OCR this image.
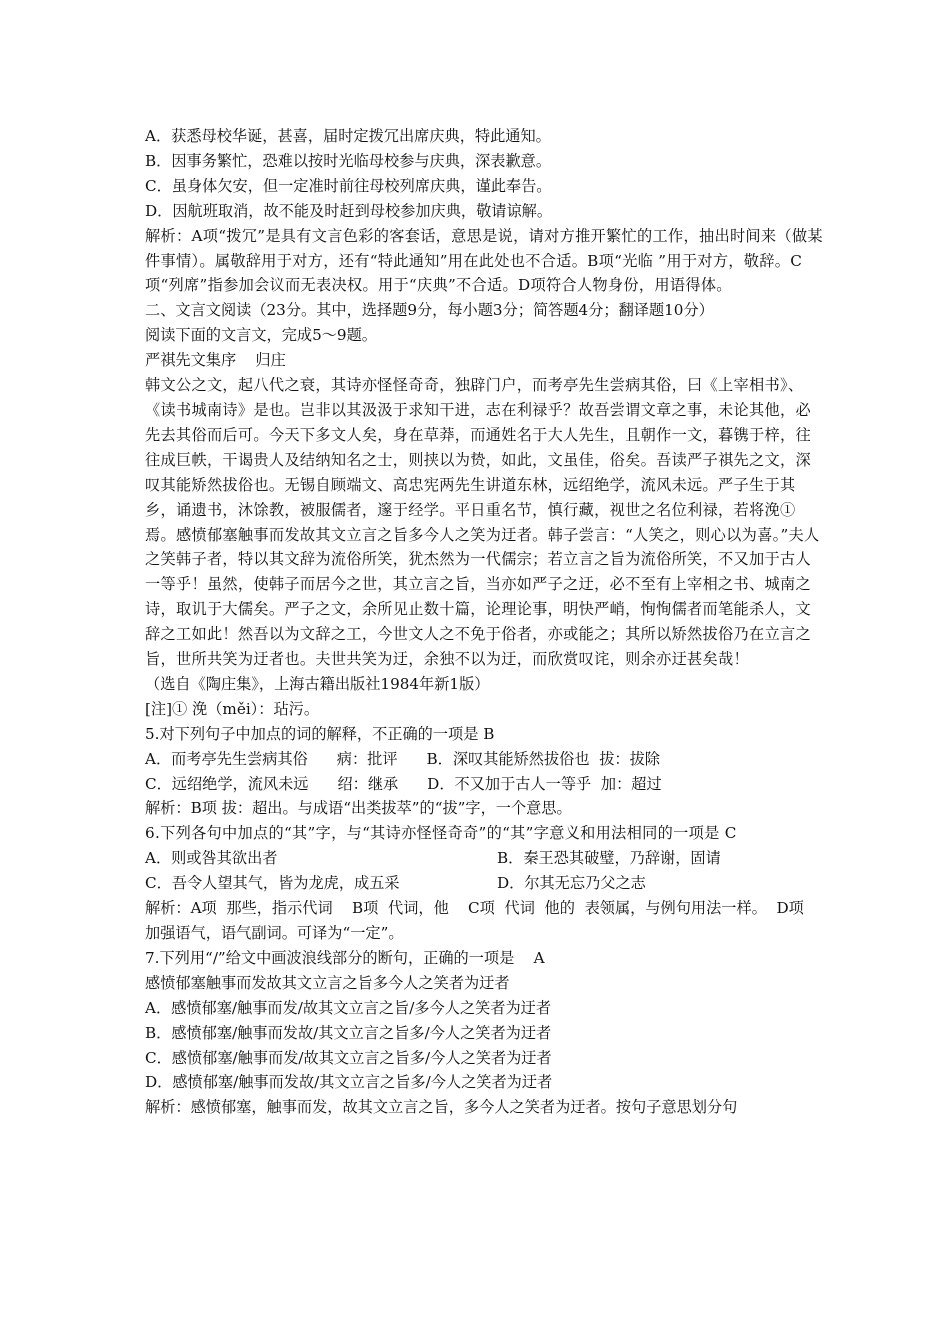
A．获悉母校华诞，甚喜，届时定拨冗出席庆典，特此通知。

B．因事务繁忙，恐难以按时光临母校参与庆典，深表歉意。

C．虽身体欠安，但一定准时前往母校列席庆典，谨此奉告。

D．因航班取消，故不能及时赶到母校参加庆典，敬请谅解。

解析：A项“拨冗”是具有文言色彩的客套话，意思是说，请对方推开繁忙的工作，抽出时间来（做某件事情）。属敬辞用于对方，还有“特此通知”用在此处也不合适。B项“光临 ”用于对方，敬辞。C项“列席”指参加会议而无表决权。用于“庆典”不合适。D项符合人物身份，用语得体。

二、文言文阅读（23分。其中，选择题9分，每小题3分；简答题4分；翻译题10分）

阅读下面的文言文，完成5～9题。

严祺先文集序    归庄

韩文公之文，起八代之衰，其诗亦怪怪奇奇，独辟门户，而考亭先生尝病其俗，曰《上宰相书》、《读书城南诗》是也。岂非以其汲汲于求知干进，志在利禄乎？故吾尝谓文章之事，未论其他，必先去其俗而后可。今天下多文人矣，身在草莽，而通姓名于大人先生，且朝作一文，暮镌于梓，往往成巨帙，干谒贵人及结纳知名之士，则挟以为贽，如此，文虽佳，俗矣。吾读严子祺先之文，深叹其能矫然拔俗也。无锡自顾端文、高忠宪两先生讲道东林，远绍绝学，流风未远。严子生于其乡，诵遗书，沐馀教，被服儒者，邃于经学。平日重名节，慎行藏，视世之名位利禄，若将浼①焉。感愤郁塞触事而发故其文立言之旨多今人之笑为迂者。韩子尝言：“人笑之，则心以为喜。”夫人之笑韩子者，特以其文辞为流俗所笑，犹杰然为一代儒宗；若立言之旨为流俗所笑，不又加于古人一等乎！虽然，使韩子而居今之世，其立言之旨，当亦如严子之迂，必不至有上宰相之书、城南之诗，取讥于大儒矣。严子之文，余所见止数十篇，论理论事，明快严峭，恂恂儒者而笔能杀人，文辞之工如此！然吾以为文辞之工，今世文人之不免于俗者，亦或能之；其所以矫然拔俗乃在立言之旨，世所共笑为迂者也。夫世共笑为迂，余独不以为迂，而欣赏叹诧，则余亦迂甚矣哉！

（选自《陶庄集》，上海古籍出版社1984年新1版）

[注]① 浼（měi）：玷污。

5.对下列句子中加点的词的解释，不正确的一项是 B

A．而考亭先生尝病其俗      病：批评      B．深叹其能矫然拔俗也  拔：拔除

C．远绍绝学，流风未远      绍：继承      D．不又加于古人一等乎  加：超过

解析：B项 拔：超出。与成语“出类拔萃”的“拔”字，一个意思。

6.下列各句中加点的“其”字，与“其诗亦怪怪奇奇”的“其”字意义和用法相同的一项是 C

A．则或咎其欲出者	B．秦王恐其破璧，乃辞谢，固请
C．吾令人望其气，皆为龙虎，成五采	D．尔其无忘乃父之志

解析：A项  那些，指示代词    B项  代词，他    C项  代词  他的  表领属，与例句用法一样。  D项  加强语气，语气副词。可译为“一定”。

7.下列用“/”给文中画波浪线部分的断句，正确的一项是    A

感愤郁塞触事而发故其文立言之旨多今人之笑者为迂者

A．感愤郁塞/触事而发/故其文立言之旨/多今人之笑者为迂者

B．感愤郁塞/触事而发故/其文立言之旨多/今人之笑者为迂者

C．感愤郁塞/触事而发/故其文立言之旨多/今人之笑者为迂者

D．感愤郁塞/触事而发故/其文立言之旨多/今人之笑者为迂者

解析：感愤郁塞，触事而发，故其文立言之旨，多今人之笑者为迂者。按句子意思划分句
